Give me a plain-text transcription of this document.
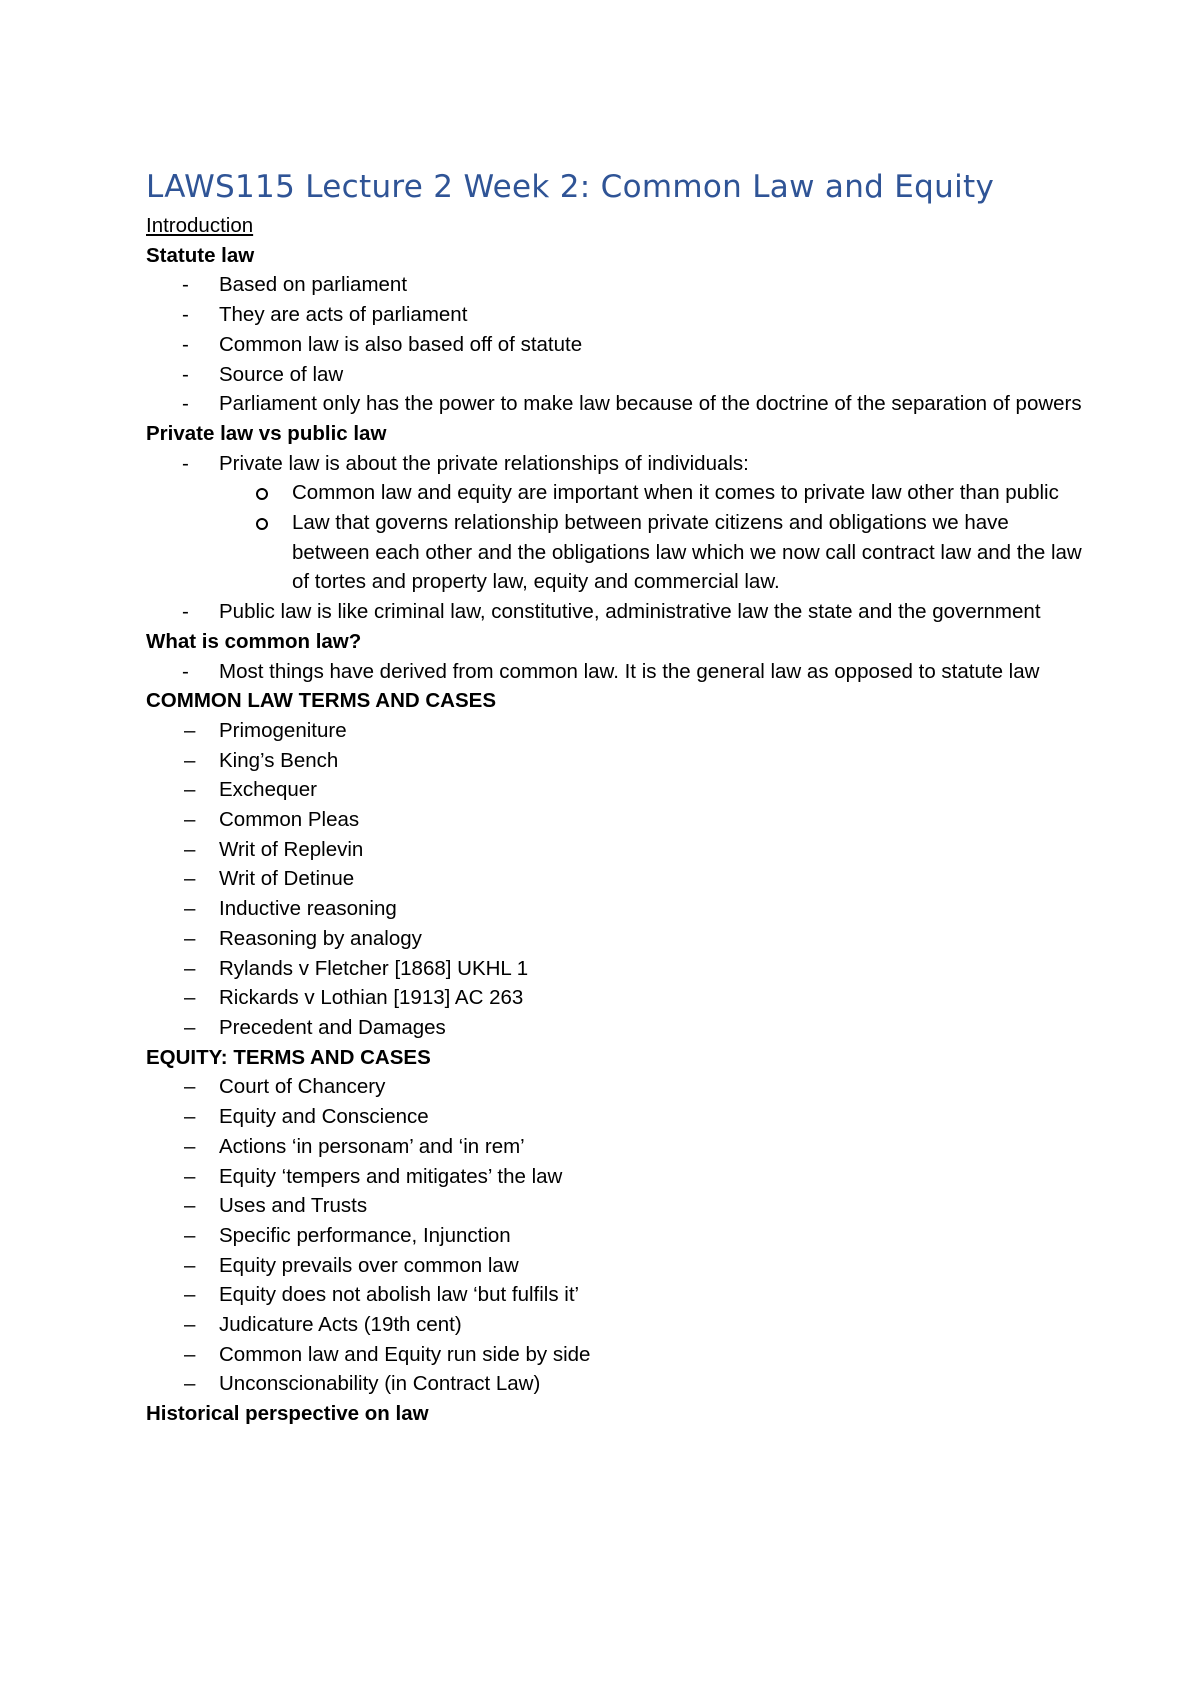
LAWS115 Lecture 2 Week 2: Common Law and Equity
Introduction
Statute law
- Based on parliament
- They are acts of parliament
- Common law is also based off of statute
- Source of law
- Parliament only has the power to make law because of the doctrine of the separation of powers
Private law vs public law
- Private law is about the private relationships of individuals:
Common law and equity are important when it comes to private law other than public
Law that governs relationship between private citizens and obligations we have between each other and the obligations law which we now call contract law and the law of tortes and property law, equity and commercial law.
- Public law is like criminal law, constitutive, administrative law the state and the government
What is common law?
- Most things have derived from common law. It is the general law as opposed to statute law
COMMON LAW TERMS AND CASES
– Primogeniture
– King’s Bench
– Exchequer
– Common Pleas
– Writ of Replevin
– Writ of Detinue
– Inductive reasoning
– Reasoning by analogy
– Rylands v Fletcher [1868] UKHL 1
– Rickards v Lothian [1913] AC 263
– Precedent and Damages
EQUITY: TERMS AND CASES
– Court of Chancery
– Equity and Conscience
– Actions ‘in personam’ and ‘in rem’
– Equity ‘tempers and mitigates’ the law
– Uses and Trusts
– Specific performance, Injunction
– Equity prevails over common law
– Equity does not abolish law ‘but fulfils it’
– Judicature Acts (19th cent)
– Common law and Equity run side by side
– Unconscionability (in Contract Law)
Historical perspective on law
